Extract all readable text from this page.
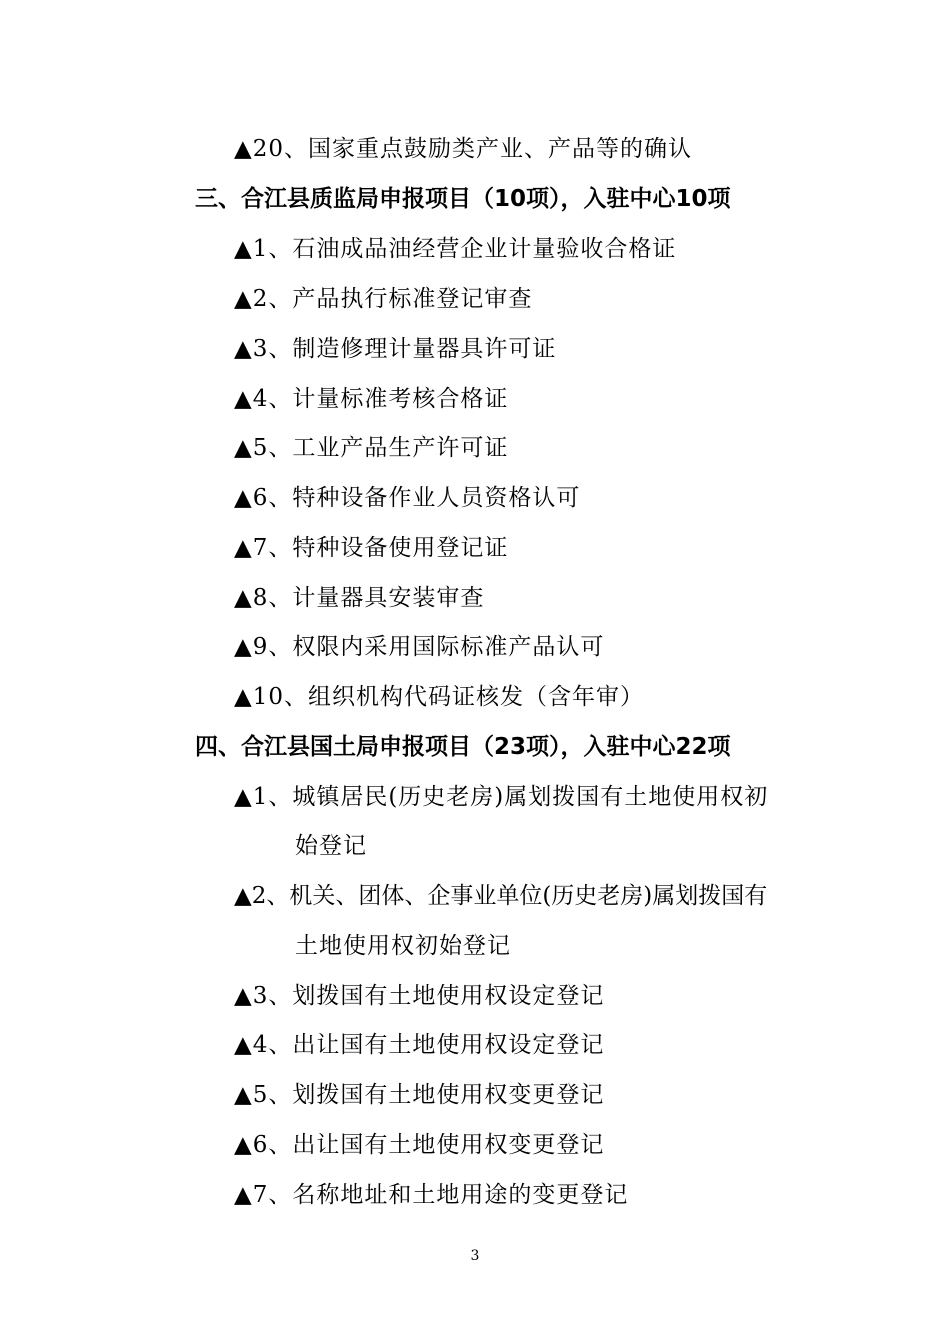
▲20、国家重点鼓励类产业、产品等的确认
三、合江县质监局申报项目（10项），入驻中心10项
▲1、石油成品油经营企业计量验收合格证
▲2、产品执行标准登记审查
▲3、制造修理计量器具许可证
▲4、计量标准考核合格证
▲5、工业产品生产许可证
▲6、特种设备作业人员资格认可
▲7、特种设备使用登记证
▲8、计量器具安装审查
▲9、权限内采用国际标准产品认可
▲10、组织机构代码证核发（含年审）
四、合江县国土局申报项目（23项），入驻中心22项
▲1、城镇居民(历史老房)属划拨国有土地使用权初
始登记
▲2、机关、团体、企事业单位(历史老房)属划拨国有
土地使用权初始登记
▲3、划拨国有土地使用权设定登记
▲4、出让国有土地使用权设定登记
▲5、划拨国有土地使用权变更登记
▲6、出让国有土地使用权变更登记
▲7、名称地址和土地用途的变更登记
3
